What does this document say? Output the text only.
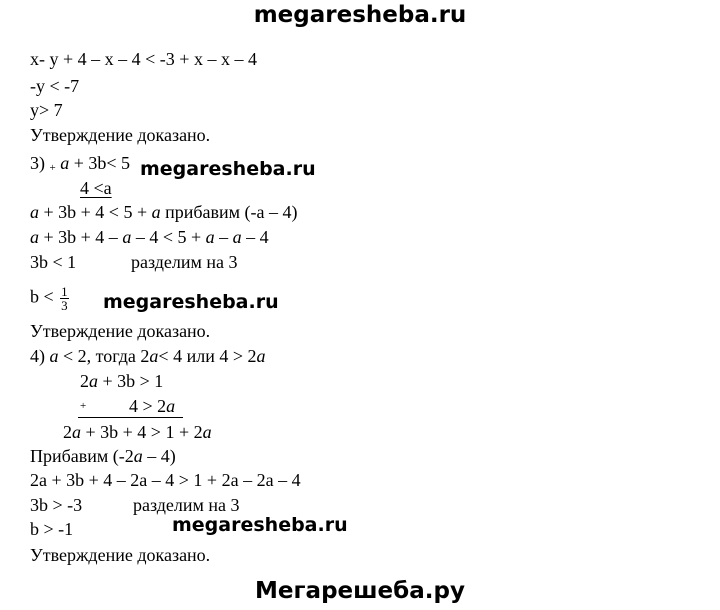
megaresheba.ru
x- y + 4 – x – 4 < -3 + x – x – 4
-y < -7
y> 7
Утверждение доказано.
3) + a + 3b< 5 megaresheba.ru
4 <a
a + 3b + 4 < 5 + a прибавим (-a – 4)
a + 3b + 4 – a – 4 < 5 + a – a – 4
3b < 1	разделим на 3
$b < \frac{1}{3}$ megaresheba.ru
Утверждение доказано.
4) a < 2, тогда 2a< 4 или 4 > 2a
2a + 3b > 1
+ 4 > 2a
2a + 3b + 4 > 1 + 2a
Прибавим (-2a – 4)
2a + 3b + 4 – 2a – 4 > 1 + 2a – 2a – 4
3b > -3	разделим на 3
b > -1	megaresheba.ru
Утверждение доказано.
Мегарешеба.ру
